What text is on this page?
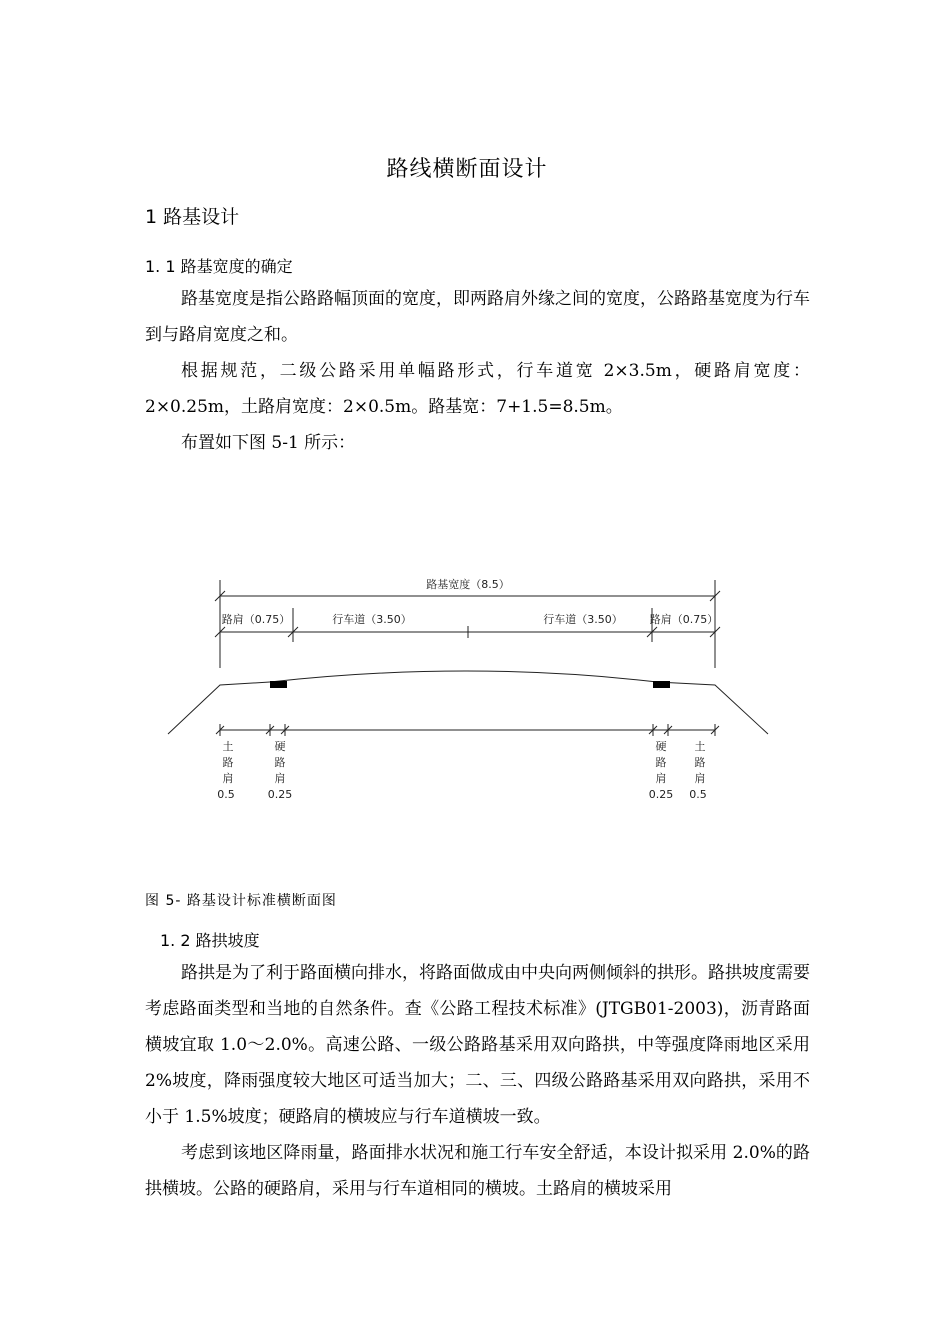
路线横断面设计
1 路基设计
1. 1 路基宽度的确定

路基宽度是指公路路幅顶面的宽度，即两路肩外缘之间的宽度，公路路基宽度为行车到与路肩宽度之和。

根据规范，二级公路采用单幅路形式，行车道宽 2×3.5m，硬路肩宽度：2×0.25m，土路肩宽度：2×0.5m。路基宽：7+1.5=8.5m。

布置如下图 5-1 所示：

路基宽度（8.5）
路肩（0.75）	行车道（3.50）	行车道（3.50） 路肩（0.75）
土
路
肩
0.5
硬
路
肩
0.25
硬
路
肩
0.25
土
路
肩
0.5
图 5- 路基设计标准横断面图
1. 2 路拱坡度

路拱是为了利于路面横向排水，将路面做成由中央向两侧倾斜的拱形。路拱坡度需要考虑路面类型和当地的自然条件。查《公路工程技术标准》(JTGB01-2003)，沥青路面横坡宜取 1.0～2.0%。高速公路、一级公路路基采用双向路拱，中等强度降雨地区采用 2%坡度，降雨强度较大地区可适当加大；二、三、四级公路路基采用双向路拱，采用不小于 1.5%坡度；硬路肩的横坡应与行车道横坡一致。

考虑到该地区降雨量，路面排水状况和施工行车安全舒适，本设计拟采用 2.0%的路拱横坡。公路的硬路肩，采用与行车道相同的横坡。土路肩的横坡采用
